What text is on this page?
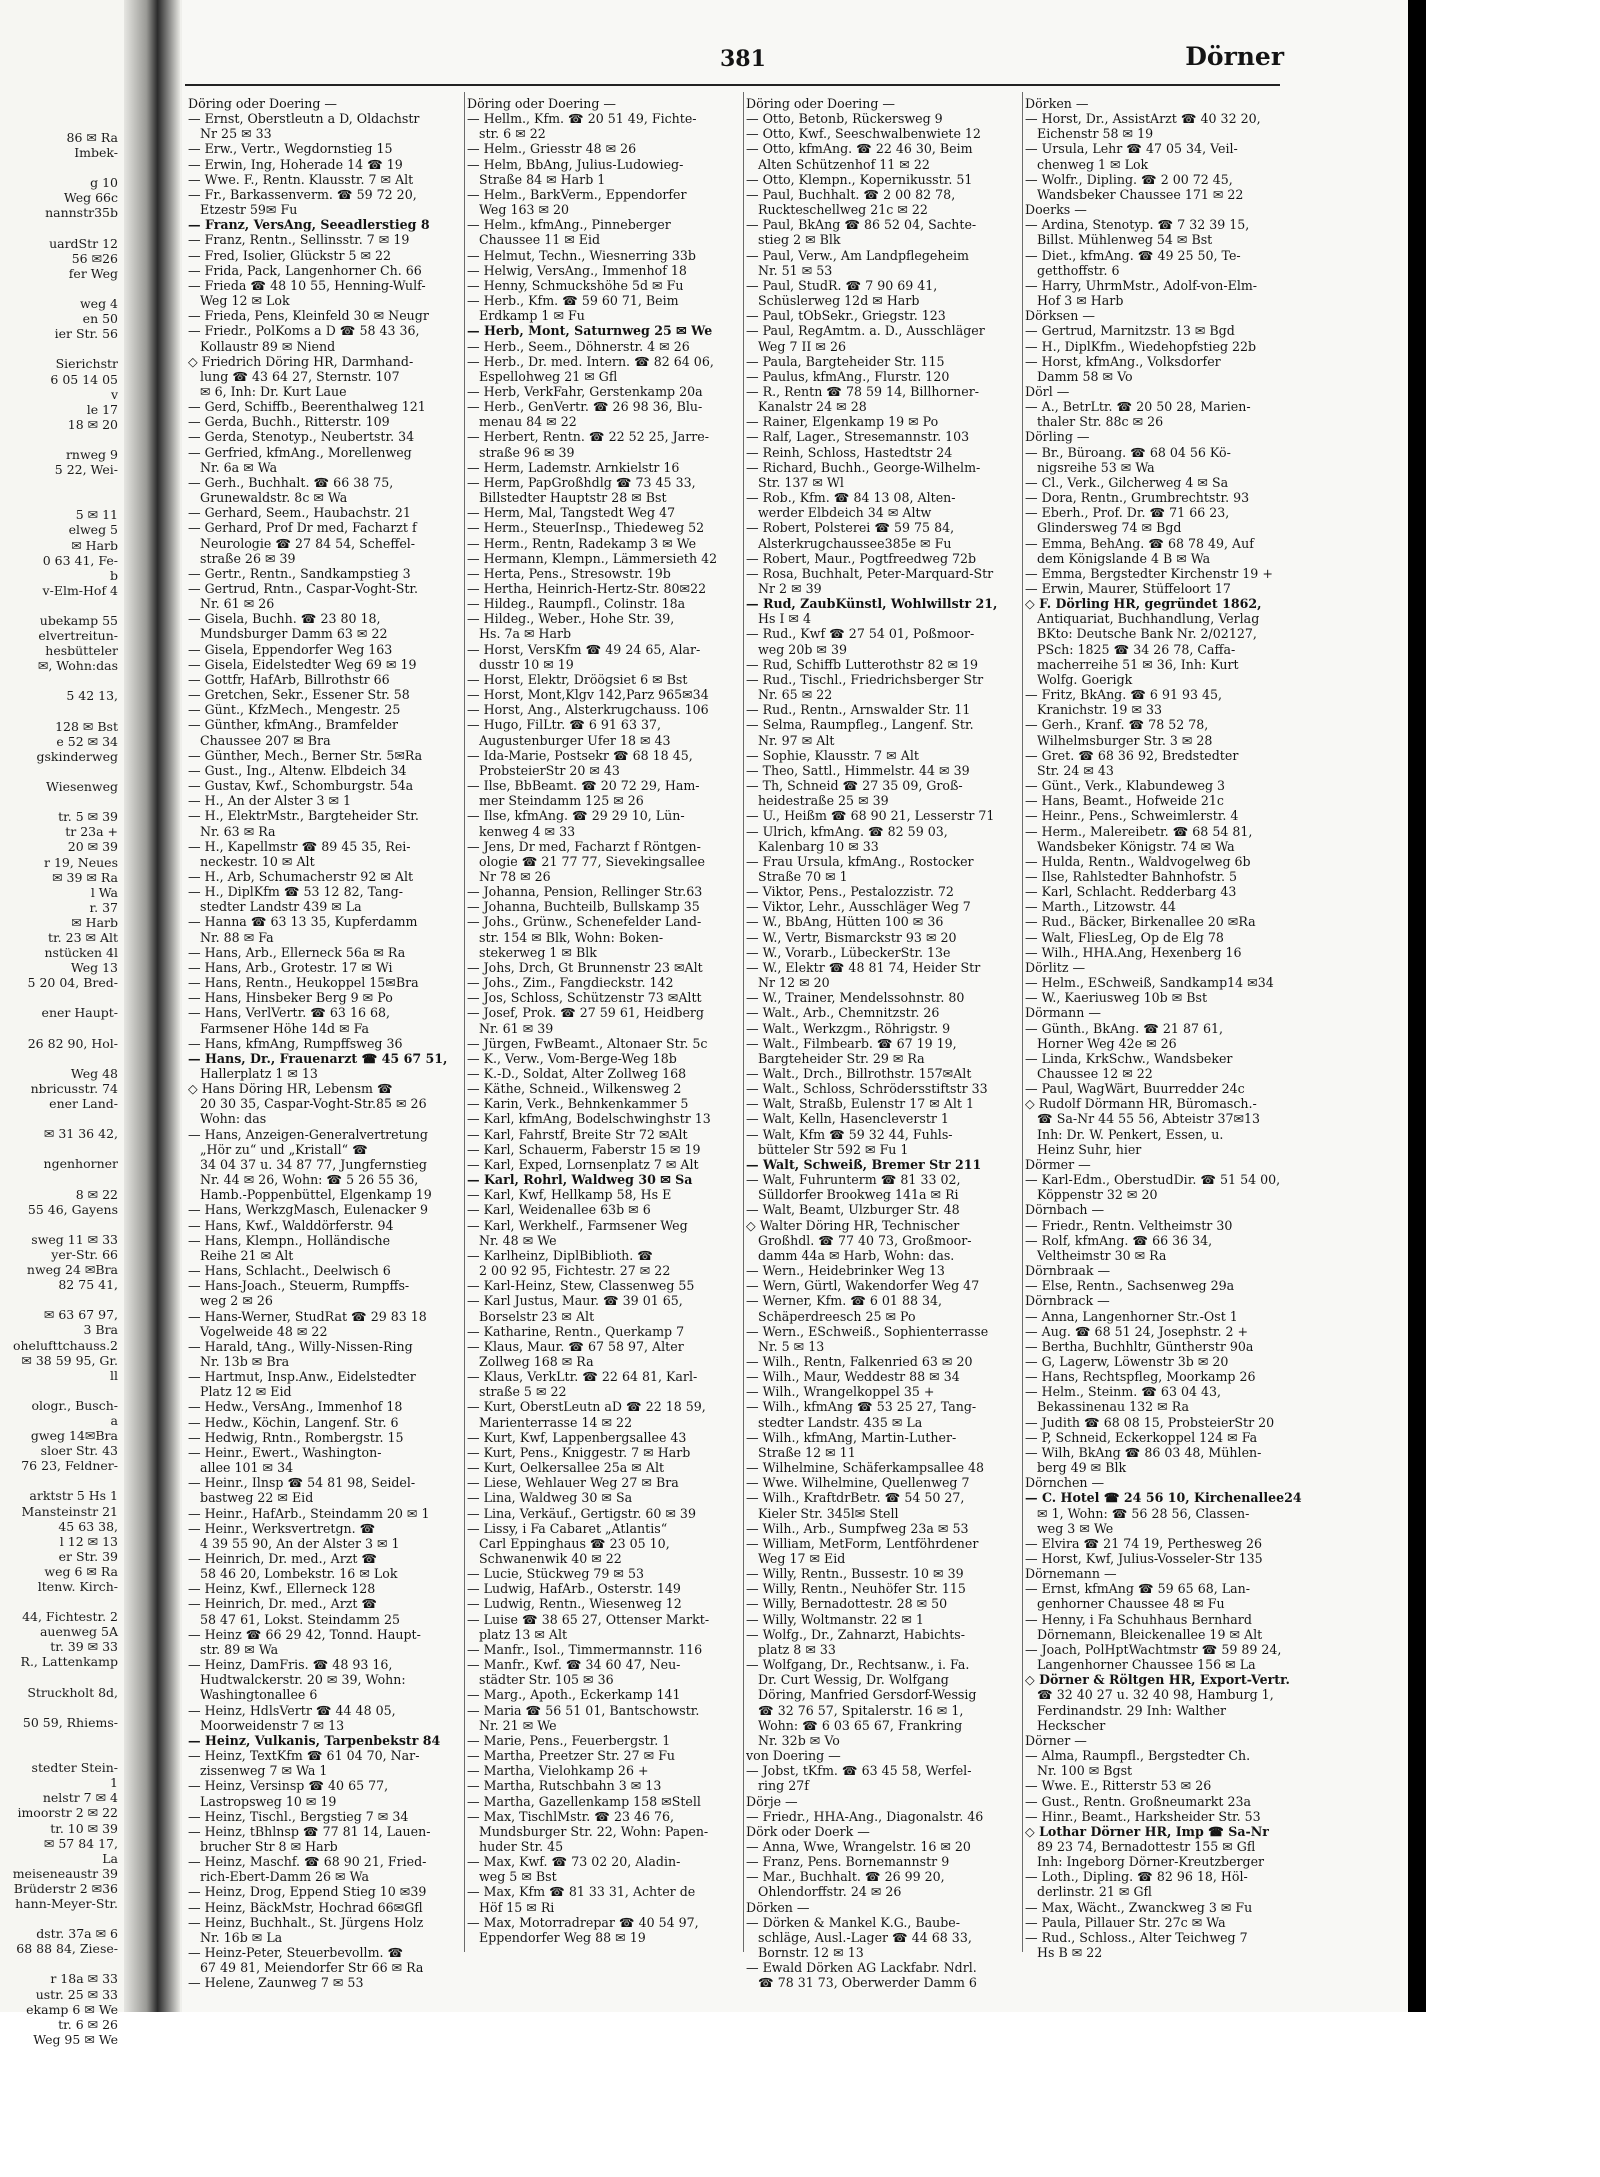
86 ✉ Ra
Imbek-

g 10
Weg 66c
nannstr35b

uardStr 12
56 ✉26
fer Weg

weg 4
en 50
ier Str. 56

Sierichstr
6 05 14 05
v
le 17
18 ✉ 20

rnweg 9
5 22, Wei-

5 ✉ 11
elweg 5
✉ Harb
0 63 41, Fe-
b
v-Elm-Hof 4

ubekamp 55
elvertreitun-
hesbütteler
✉, Wohn:das

5 42 13,

128 ✉ Bst
e 52 ✉ 34
gskinderweg

Wiesenweg

tr. 5 ✉ 39
tr 23a +
20 ✉ 39
r 19, Neues
✉ 39 ✉ Ra
l Wa
r. 37
✉ Harb
tr. 23 ✉ Alt
nstücken 4l
Weg 13
5 20 04, Bred-

ener Haupt-

26 82 90, Hol-

Weg 48
nbricusstr. 74
ener Land-

✉ 31 36 42,

ngenhorner

8 ✉ 22
55 46, Gayens

sweg 11 ✉ 33
yer-Str. 66
nweg 24 ✉Bra
82 75 41,

✉ 63 67 97,
3 Bra
ohelufttchauss.2
✉ 38 59 95, Gr.
ll

ologr., Busch-
a
gweg 14✉Bra
sloer Str. 43
76 23, Feldner-

arktstr 5 Hs 1
Mansteinstr 21
45 63 38,
l 12 ✉ 13
er Str. 39
weg 6 ✉ Ra
ltenw. Kirch-

44, Fichtestr. 2
auenweg 5A
tr. 39 ✉ 33
R., Lattenkamp

Struckholt 8d,

50 59, Rhiems-

stedter Stein-
1
nelstr 7 ✉ 4
imoorstr 2 ✉ 22
tr. 10 ✉ 39
✉ 57 84 17,
La
meiseneaustr 39
Brüderstr 2 ✉36
hann-Meyer-Str.

dstr. 37a ✉ 6
68 88 84, Ziese-

r 18a ✉ 33
ustr. 25 ✉ 33
ekamp 6 ✉ We
tr. 6 ✉ 26
Weg 95 ✉ We
381	Dörner
Döring oder Doering —
— Ernst, Oberstleutn a D, Oldachstr
Nr 25 ✉ 33
— Erw., Vertr., Wegdornstieg 15
— Erwin, Ing, Hoherade 14 ☎ 19
— Wwe. F., Rentn. Klausstr. 7 ✉ Alt
— Fr., Barkassenverm. ☎ 59 72 20,
Etzestr 59✉ Fu
— Franz, VersAng, Seeadlerstieg 8
— Franz, Rentn., Sellinsstr. 7 ✉ 19
— Fred, Isolier, Glückstr 5 ✉ 22
— Frida, Pack, Langenhorner Ch. 66
— Frieda ☎ 48 10 55, Henning-Wulf-
Weg 12 ✉ Lok
— Frieda, Pens, Kleinfeld 30 ✉ Neugr
— Friedr., PolKoms a D ☎ 58 43 36,
Kollaustr 89 ✉ Niend
◇ Friedrich Döring HR, Darmhand-
lung ☎ 43 64 27, Sternstr. 107
✉ 6, Inh: Dr. Kurt Laue
— Gerd, Schiffb., Beerenthalweg 121
— Gerda, Buchh., Ritterstr. 109
— Gerda, Stenotyp., Neubertstr. 34
— Gerfried, kfmAng., Morellenweg
Nr. 6a ✉ Wa
— Gerh., Buchhalt. ☎ 66 38 75,
Grunewaldstr. 8c ✉ Wa
— Gerhard, Seem., Haubachstr. 21
— Gerhard, Prof Dr med, Facharzt f
Neurologie ☎ 27 84 54, Scheffel-
straße 26 ✉ 39
— Gertr., Rentn., Sandkampstieg 3
— Gertrud, Rntn., Caspar-Voght-Str.
Nr. 61 ✉ 26
— Gisela, Buchh. ☎ 23 80 18,
Mundsburger Damm 63 ✉ 22
— Gisela, Eppendorfer Weg 163
— Gisela, Eidelstedter Weg 69 ✉ 19
— Gottfr, HafArb, Billrothstr 66
— Gretchen, Sekr., Essener Str. 58
— Günt., KfzMech., Mengestr. 25
— Günther, kfmAng., Bramfelder
Chaussee 207 ✉ Bra
— Günther, Mech., Berner Str. 5✉Ra
— Gust., Ing., Altenw. Elbdeich 34
— Gustav, Kwf., Schomburgstr. 54a
— H., An der Alster 3 ✉ 1
— H., ElektrMstr., Bargteheider Str.
Nr. 63 ✉ Ra
— H., Kapellmstr ☎ 89 45 35, Rei-
neckestr. 10 ✉ Alt
— H., Arb, Schumacherstr 92 ✉ Alt
— H., DiplKfm ☎ 53 12 82, Tang-
stedter Landstr 439 ✉ La
— Hanna ☎ 63 13 35, Kupferdamm
Nr. 88 ✉ Fa
— Hans, Arb., Ellerneck 56a ✉ Ra
— Hans, Arb., Grotestr. 17 ✉ Wi
— Hans, Rentn., Heukoppel 15✉Bra
— Hans, Hinsbeker Berg 9 ✉ Po
— Hans, VerlVertr. ☎ 63 16 68,
Farmsener Höhe 14d ✉ Fa
— Hans, kfmAng, Rumpffsweg 36
— Hans, Dr., Frauenarzt ☎ 45 67 51,
Hallerplatz 1 ✉ 13
◇ Hans Döring HR, Lebensm ☎
20 30 35, Caspar-Voght-Str.85 ✉ 26
Wohn: das
— Hans, Anzeigen-Generalvertretung
„Hör zu“ und „Kristall“ ☎
34 04 37 u. 34 87 77, Jungfernstieg
Nr. 44 ✉ 26, Wohn: ☎ 5 26 55 36,
Hamb.-Poppenbüttel, Elgenkamp 19
— Hans, WerkzgMasch, Eulenacker 9
— Hans, Kwf., Walddörferstr. 94
— Hans, Klempn., Holländische
Reihe 21 ✉ Alt
— Hans, Schlacht., Deelwisch 6
— Hans-Joach., Steuerm, Rumpffs-
weg 2 ✉ 26
— Hans-Werner, StudRat ☎ 29 83 18
Vogelweide 48 ✉ 22
— Harald, tAng., Willy-Nissen-Ring
Nr. 13b ✉ Bra
— Hartmut, Insp.Anw., Eidelstedter
Platz 12 ✉ Eid
— Hedw., VersAng., Immenhof 18
— Hedw., Köchin, Langenf. Str. 6
— Hedwig, Rntn., Rombergstr. 15
— Heinr., Ewert., Washington-
allee 101 ✉ 34
— Heinr., Ilnsp ☎ 54 81 98, Seidel-
bastweg 22 ✉ Eid
— Heinr., HafArb., Steindamm 20 ✉ 1
— Heinr., Werksvertretgn. ☎
4 39 55 90, An der Alster 3 ✉ 1
— Heinrich, Dr. med., Arzt ☎
58 46 20, Lombekstr. 16 ✉ Lok
— Heinz, Kwf., Ellerneck 128
— Heinrich, Dr. med., Arzt ☎
58 47 61, Lokst. Steindamm 25
— Heinz ☎ 66 29 42, Tonnd. Haupt-
str. 89 ✉ Wa
— Heinz, DamFris. ☎ 48 93 16,
Hudtwalckerstr. 20 ✉ 39, Wohn:
Washingtonallee 6
— Heinz, HdlsVertr ☎ 44 48 05,
Moorweidenstr 7 ✉ 13
— Heinz, Vulkanis, Tarpenbekstr 84
— Heinz, TextKfm ☎ 61 04 70, Nar-
zissenweg 7 ✉ Wa 1
— Heinz, Versinsp ☎ 40 65 77,
Lastropsweg 10 ✉ 19
— Heinz, Tischl., Bergstieg 7 ✉ 34
— Heinz, tBhlnsp ☎ 77 81 14, Lauen-
brucher Str 8 ✉ Harb
— Heinz, Maschf. ☎ 68 90 21, Fried-
rich-Ebert-Damm 26 ✉ Wa
— Heinz, Drog, Eppend Stieg 10 ✉39
— Heinz, BäckMstr, Hochrad 66✉Gfl
— Heinz, Buchhalt., St. Jürgens Holz
Nr. 16b ✉ La
— Heinz-Peter, Steuerbevollm. ☎
67 49 81, Meiendorfer Str 66 ✉ Ra
— Helene, Zaunweg 7 ✉ 53
Döring oder Doering —
— Hellm., Kfm. ☎ 20 51 49, Fichte-
str. 6 ✉ 22
— Helm., Griesstr 48 ✉ 26
— Helm, BbAng, Julius-Ludowieg-
Straße 84 ✉ Harb 1
— Helm., BarkVerm., Eppendorfer
Weg 163 ✉ 20
— Helm., kfmAng., Pinneberger
Chaussee 11 ✉ Eid
— Helmut, Techn., Wiesnerring 33b
— Helwig, VersAng., Immenhof 18
— Henny, Schmuckshöhe 5d ✉ Fu
— Herb., Kfm. ☎ 59 60 71, Beim
Erdkamp 1 ✉ Fu
— Herb, Mont, Saturnweg 25 ✉ We
— Herb., Seem., Döhnerstr. 4 ✉ 26
— Herb., Dr. med. Intern. ☎ 82 64 06,
Espellohweg 21 ✉ Gfl
— Herb, VerkFahr, Gerstenkamp 20a
— Herb., GenVertr. ☎ 26 98 36, Blu-
menau 84 ✉ 22
— Herbert, Rentn. ☎ 22 52 25, Jarre-
straße 96 ✉ 39
— Herm, Lademstr. Arnkielstr 16
— Herm, PapGroßhdlg ☎ 73 45 33,
Billstedter Hauptstr 28 ✉ Bst
— Herm, Mal, Tangstedt Weg 47
— Herm., SteuerInsp., Thiedeweg 52
— Herm., Rentn, Radekamp 3 ✉ We
— Hermann, Klempn., Lämmersieth 42
— Herta, Pens., Stresowstr. 19b
— Hertha, Heinrich-Hertz-Str. 80✉22
— Hildeg., Raumpfl., Colinstr. 18a
— Hildeg., Weber., Hohe Str. 39,
Hs. 7a ✉ Harb
— Horst, VersKfm ☎ 49 24 65, Alar-
dusstr 10 ✉ 19
— Horst, Elektr, Dröögsiet 6 ✉ Bst
— Horst, Mont,Klgv 142,Parz 965✉34
— Horst, Ang., Alsterkrugchauss. 106
— Hugo, FilLtr. ☎ 6 91 63 37,
Augustenburger Ufer 18 ✉ 43
— Ida-Marie, Postsekr ☎ 68 18 45,
ProbsteierStr 20 ✉ 43
— Ilse, BbBeamt. ☎ 20 72 29, Ham-
mer Steindamm 125 ✉ 26
— Ilse, kfmAng. ☎ 29 29 10, Lün-
kenweg 4 ✉ 33
— Jens, Dr med, Facharzt f Röntgen-
ologie ☎ 21 77 77, Sievekingsallee
Nr 78 ✉ 26
— Johanna, Pension, Rellinger Str.63
— Johanna, Buchteilb, Bullskamp 35
— Johs., Grünw., Schenefelder Land-
str. 154 ✉ Blk, Wohn: Boken-
stekerweg 1 ✉ Blk
— Johs, Drch, Gt Brunnenstr 23 ✉Alt
— Johs., Zim., Fangdieckstr. 142
— Jos, Schloss, Schützenstr 73 ✉Altt
— Josef, Prok. ☎ 27 59 61, Heidberg
Nr. 61 ✉ 39
— Jürgen, FwBeamt., Altonaer Str. 5c
— K., Verw., Vom-Berge-Weg 18b
— K.-D., Soldat, Alter Zollweg 168
— Käthe, Schneid., Wilkensweg 2
— Karin, Verk., Behnkenkammer 5
— Karl, kfmAng, Bodelschwinghstr 13
— Karl, Fahrstf, Breite Str 72 ✉Alt
— Karl, Schauerm, Faberstr 15 ✉ 19
— Karl, Exped, Lornsenplatz 7 ✉ Alt
— Karl, Rohrl, Waldweg 30 ✉ Sa
— Karl, Kwf, Hellkamp 58, Hs E
— Karl, Weidenallee 63b ✉ 6
— Karl, Werkhelf., Farmsener Weg
Nr. 48 ✉ We
— Karlheinz, DiplBiblioth. ☎
2 00 92 95, Fichtestr. 27 ✉ 22
— Karl-Heinz, Stew, Classenweg 55
— Karl Justus, Maur. ☎ 39 01 65,
Borselstr 23 ✉ Alt
— Katharine, Rentn., Querkamp 7
— Klaus, Maur. ☎ 67 58 97, Alter
Zollweg 168 ✉ Ra
— Klaus, VerkLtr. ☎ 22 64 81, Karl-
straße 5 ✉ 22
— Kurt, OberstLeutn aD ☎ 22 18 59,
Marienterrasse 14 ✉ 22
— Kurt, Kwf, Lappenbergsallee 43
— Kurt, Pens., Kniggestr. 7 ✉ Harb
— Kurt, Oelkersallee 25a ✉ Alt
— Liese, Wehlauer Weg 27 ✉ Bra
— Lina, Waldweg 30 ✉ Sa
— Lina, Verkäuf., Gertigstr. 60 ✉ 39
— Lissy, i Fa Cabaret „Atlantis“
Carl Eppinghaus ☎ 23 05 10,
Schwanenwik 40 ✉ 22
— Lucie, Stückweg 79 ✉ 53
— Ludwig, HafArb., Osterstr. 149
— Ludwig, Rentn., Wiesenweg 12
— Luise ☎ 38 65 27, Ottenser Markt-
platz 13 ✉ Alt
— Manfr., Isol., Timmermannstr. 116
— Manfr., Kwf. ☎ 34 60 47, Neu-
städter Str. 105 ✉ 36
— Marg., Apoth., Eckerkamp 141
— Maria ☎ 56 51 01, Bantschowstr.
Nr. 21 ✉ We
— Marie, Pens., Feuerbergstr. 1
— Martha, Preetzer Str. 27 ✉ Fu
— Martha, Vielohkamp 26 +
— Martha, Rutschbahn 3 ✉ 13
— Martha, Gazellenkamp 158 ✉Stell
— Max, TischlMstr. ☎ 23 46 76,
Mundsburger Str. 22, Wohn: Papen-
huder Str. 45
— Max, Kwf. ☎ 73 02 20, Aladin-
weg 5 ✉ Bst
— Max, Kfm ☎ 81 33 31, Achter de
Höf 15 ✉ Ri
— Max, Motorradrepar ☎ 40 54 97,
Eppendorfer Weg 88 ✉ 19
Döring oder Doering —
— Otto, Betonb, Rückersweg 9
— Otto, Kwf., Seeschwalbenwiete 12
— Otto, kfmAng. ☎ 22 46 30, Beim
Alten Schützenhof 11 ✉ 22
— Otto, Klempn., Kopernikusstr. 51
— Paul, Buchhalt. ☎ 2 00 82 78,
Ruckteschellweg 21c ✉ 22
— Paul, BkAng ☎ 86 52 04, Sachte-
stieg 2 ✉ Blk
— Paul, Verw., Am Landpflegeheim
Nr. 51 ✉ 53
— Paul, StudR. ☎ 7 90 69 41,
Schüslerweg 12d ✉ Harb
— Paul, tObSekr., Griegstr. 123
— Paul, RegAmtm. a. D., Ausschläger
Weg 7 II ✉ 26
— Paula, Bargteheider Str. 115
— Paulus, kfmAng., Flurstr. 120
— R., Rentn ☎ 78 59 14, Billhorner-
Kanalstr 24 ✉ 28
— Rainer, Elgenkamp 19 ✉ Po
— Ralf, Lager., Stresemannstr. 103
— Reinh, Schloss, Hastedtstr 24
— Richard, Buchh., George-Wilhelm-
Str. 137 ✉ Wl
— Rob., Kfm. ☎ 84 13 08, Alten-
werder Elbdeich 34 ✉ Altw
— Robert, Polsterei ☎ 59 75 84,
Alsterkrugchaussee385e ✉ Fu
— Robert, Maur., Pogtfreedweg 72b
— Rosa, Buchhalt, Peter-Marquard-Str
Nr 2 ✉ 39
— Rud, ZaubKünstl, Wohlwillstr 21,
Hs I ✉ 4
— Rud., Kwf ☎ 27 54 01, Poßmoor-
weg 20b ✉ 39
— Rud, Schiffb Lutterothstr 82 ✉ 19
— Rud., Tischl., Friedrichsberger Str
Nr. 65 ✉ 22
— Rud., Rentn., Arnswalder Str. 11
— Selma, Raumpfleg., Langenf. Str.
Nr. 97 ✉ Alt
— Sophie, Klausstr. 7 ✉ Alt
— Theo, Sattl., Himmelstr. 44 ✉ 39
— Th, Schneid ☎ 27 35 09, Groß-
heidestraße 25 ✉ 39
— U., Heißm ☎ 68 90 21, Lesserstr 71
— Ulrich, kfmAng. ☎ 82 59 03,
Kalenbarg 10 ✉ 33
— Frau Ursula, kfmAng., Rostocker
Straße 70 ✉ 1
— Viktor, Pens., Pestalozzistr. 72
— Viktor, Lehr., Ausschläger Weg 7
— W., BbAng, Hütten 100 ✉ 36
— W., Vertr, Bismarckstr 93 ✉ 20
— W., Vorarb., LübeckerStr. 13e
— W., Elektr ☎ 48 81 74, Heider Str
Nr 12 ✉ 20
— W., Trainer, Mendelssohnstr. 80
— Walt., Arb., Chemnitzstr. 26
— Walt., Werkzgm., Röhrigstr. 9
— Walt., Filmbearb. ☎ 67 19 19,
Bargteheider Str. 29 ✉ Ra
— Walt., Drch., Billrothstr. 157✉Alt
— Walt., Schloss, Schrödersstiftstr 33
— Walt, Straßb, Eulenstr 17 ✉ Alt 1
— Walt, Kelln, Hasencleverstr 1
— Walt, Kfm ☎ 59 32 44, Fuhls-
bütteler Str 592 ✉ Fu 1
— Walt, Schweiß, Bremer Str 211
— Walt, Fuhrunterm ☎ 81 33 02,
Sülldorfer Brookweg 141a ✉ Ri
— Walt, Beamt, Ulzburger Str. 48
◇ Walter Döring HR, Technischer
Großhdl. ☎ 77 40 73, Großmoor-
damm 44a ✉ Harb, Wohn: das.
— Wern., Heidebrinker Weg 13
— Wern, Gürtl, Wakendorfer Weg 47
— Werner, Kfm. ☎ 6 01 88 34,
Schäperdreesch 25 ✉ Po
— Wern., ESchweiß., Sophienterrasse
Nr. 5 ✉ 13
— Wilh., Rentn, Falkenried 63 ✉ 20
— Wilh., Maur, Weddestr 88 ✉ 34
— Wilh., Wrangelkoppel 35 +
— Wilh., kfmAng ☎ 53 25 27, Tang-
stedter Landstr. 435 ✉ La
— Wilh., kfmAng, Martin-Luther-
Straße 12 ✉ 11
— Wilhelmine, Schäferkampsallee 48
— Wwe. Wilhelmine, Quellenweg 7
— Wilh., KraftdrBetr. ☎ 54 50 27,
Kieler Str. 345l✉ Stell
— Wilh., Arb., Sumpfweg 23a ✉ 53
— William, MetForm, Lentföhrdener
Weg 17 ✉ Eid
— Willy, Rentn., Bussestr. 10 ✉ 39
— Willy, Rentn., Neuhöfer Str. 115
— Willy, Bernadottestr. 28 ✉ 50
— Willy, Woltmanstr. 22 ✉ 1
— Wolfg., Dr., Zahnarzt, Habichts-
platz 8 ✉ 33
— Wolfgang, Dr., Rechtsanw., i. Fa.
Dr. Curt Wessig, Dr. Wolfgang
Döring, Manfried Gersdorf-Wessig
☎ 32 76 57, Spitalerstr. 16 ✉ 1,
Wohn: ☎ 6 03 65 67, Frankring
Nr. 32b ✉ Vo
von Doering —
— Jobst, tKfm. ☎ 63 45 58, Werfel-
ring 27f
Dörje —
— Friedr., HHA-Ang., Diagonalstr. 46
Dörk oder Doerk —
— Anna, Wwe, Wrangelstr. 16 ✉ 20
— Franz, Pens. Bornemannstr 9
— Mar., Buchhalt. ☎ 26 99 20,
Ohlendorffstr. 24 ✉ 26
Dörken —
— Dörken & Mankel K.G., Baube-
schläge, Ausl.-Lager ☎ 44 68 33,
Bornstr. 12 ✉ 13
— Ewald Dörken AG Lackfabr. Ndrl.
☎ 78 31 73, Oberwerder Damm 6
Dörken —
— Horst, Dr., AssistArzt ☎ 40 32 20,
Eichenstr 58 ✉ 19
— Ursula, Lehr ☎ 47 05 34, Veil-
chenweg 1 ✉ Lok
— Wolfr., Dipling. ☎ 2 00 72 45,
Wandsbeker Chaussee 171 ✉ 22
Doerks —
— Ardina, Stenotyp. ☎ 7 32 39 15,
Billst. Mühlenweg 54 ✉ Bst
— Diet., kfmAng. ☎ 49 25 50, Te-
getthoffstr. 6
— Harry, UhrmMstr., Adolf-von-Elm-
Hof 3 ✉ Harb
Dörksen —
— Gertrud, Marnitzstr. 13 ✉ Bgd
— H., DiplKfm., Wiedehopfstieg 22b
— Horst, kfmAng., Volksdorfer
Damm 58 ✉ Vo
Dörl —
— A., BetrLtr. ☎ 20 50 28, Marien-
thaler Str. 88c ✉ 26
Dörling —
— Br., Büroang. ☎ 68 04 56 Kö-
nigsreihe 53 ✉ Wa
— Cl., Verk., Gilcherweg 4 ✉ Sa
— Dora, Rentn., Grumbrechtstr. 93
— Eberh., Prof. Dr. ☎ 71 66 23,
Glindersweg 74 ✉ Bgd
— Emma, BehAng. ☎ 68 78 49, Auf
dem Königslande 4 B ✉ Wa
— Emma, Bergstedter Kirchenstr 19 +
— Erwin, Maurer, Stüffeloort 17
◇ F. Dörling HR, gegründet 1862,
Antiquariat, Buchhandlung, Verlag
BKto: Deutsche Bank Nr. 2/02127,
PSch: 1825 ☎ 34 26 78, Caffa-
macherreihe 51 ✉ 36, Inh: Kurt
Wolfg. Goerigk
— Fritz, BkAng. ☎ 6 91 93 45,
Kranichstr. 19 ✉ 33
— Gerh., Kranf. ☎ 78 52 78,
Wilhelmsburger Str. 3 ✉ 28
— Gret. ☎ 68 36 92, Bredstedter
Str. 24 ✉ 43
— Günt., Verk., Klabundeweg 3
— Hans, Beamt., Hofweide 21c
— Heinr., Pens., Schweimlerstr. 4
— Herm., Malereibetr. ☎ 68 54 81,
Wandsbeker Königstr. 74 ✉ Wa
— Hulda, Rentn., Waldvogelweg 6b
— Ilse, Rahlstedter Bahnhofstr. 5
— Karl, Schlacht. Redderbarg 43
— Marth., Litzowstr. 44
— Rud., Bäcker, Birkenallee 20 ✉Ra
— Walt, FliesLeg, Op de Elg 78
— Wilh., HHA.Ang, Hexenberg 16
Dörlitz —
— Helm., ESchweiß, Sandkamp14 ✉34
— W., Kaeriusweg 10b ✉ Bst
Dörmann —
— Günth., BkAng. ☎ 21 87 61,
Horner Weg 42e ✉ 26
— Linda, KrkSchw., Wandsbeker
Chaussee 12 ✉ 22
— Paul, WagWärt, Buurredder 24c
◇ Rudolf Dörmann HR, Büromasch.-
☎ Sa-Nr 44 55 56, Abteistr 37✉13
Inh: Dr. W. Penkert, Essen, u.
Heinz Suhr, hier
Dörmer —
— Karl-Edm., OberstudDir. ☎ 51 54 00,
Köppenstr 32 ✉ 20
Dörnbach —
— Friedr., Rentn. Veltheimstr 30
— Rolf, kfmAng. ☎ 66 36 34,
Veltheimstr 30 ✉ Ra
Dörnbraak —
— Else, Rentn., Sachsenweg 29a
Dörnbrack —
— Anna, Langenhorner Str.-Ost 1
— Aug. ☎ 68 51 24, Josephstr. 2 +
— Bertha, Buchhltr, Güntherstr 90a
— G, Lagerw, Löwenstr 3b ✉ 20
— Hans, Rechtspfleg, Moorkamp 26
— Helm., Steinm. ☎ 63 04 43,
Bekassinenau 132 ✉ Ra
— Judith ☎ 68 08 15, ProbsteierStr 20
— P, Schneid, Eckerkoppel 124 ✉ Fa
— Wilh, BkAng ☎ 86 03 48, Mühlen-
berg 49 ✉ Blk
Dörnchen —
— C. Hotel ☎ 24 56 10, Kirchenallee24
✉ 1, Wohn: ☎ 56 28 56, Classen-
weg 3 ✉ We
— Elvira ☎ 21 74 19, Perthesweg 26
— Horst, Kwf, Julius-Vosseler-Str 135
Dörnemann —
— Ernst, kfmAng ☎ 59 65 68, Lan-
genhorner Chaussee 48 ✉ Fu
— Henny, i Fa Schuhhaus Bernhard
Dörnemann, Bleickenallee 19 ✉ Alt
— Joach, PolHptWachtmstr ☎ 59 89 24,
Langenhorner Chaussee 156 ✉ La
◇ Dörner & Röltgen HR, Export-Vertr.
☎ 32 40 27 u. 32 40 98, Hamburg 1,
Ferdinandstr. 29 Inh: Walther
Heckscher
Dörner —
— Alma, Raumpfl., Bergstedter Ch.
Nr. 100 ✉ Bgst
— Wwe. E., Ritterstr 53 ✉ 26
— Gust., Rentn. Großneumarkt 23a
— Hinr., Beamt., Harksheider Str. 53
◇ Lothar Dörner HR, Imp ☎ Sa-Nr
89 23 74, Bernadottestr 155 ✉ Gfl
Inh: Ingeborg Dörner-Kreutzberger
— Loth., Dipling. ☎ 82 96 18, Höl-
derlinstr. 21 ✉ Gfl
— Max, Wächt., Zwanckweg 3 ✉ Fu
— Paula, Pillauer Str. 27c ✉ Wa
— Rud., Schloss., Alter Teichweg 7
Hs B ✉ 22
